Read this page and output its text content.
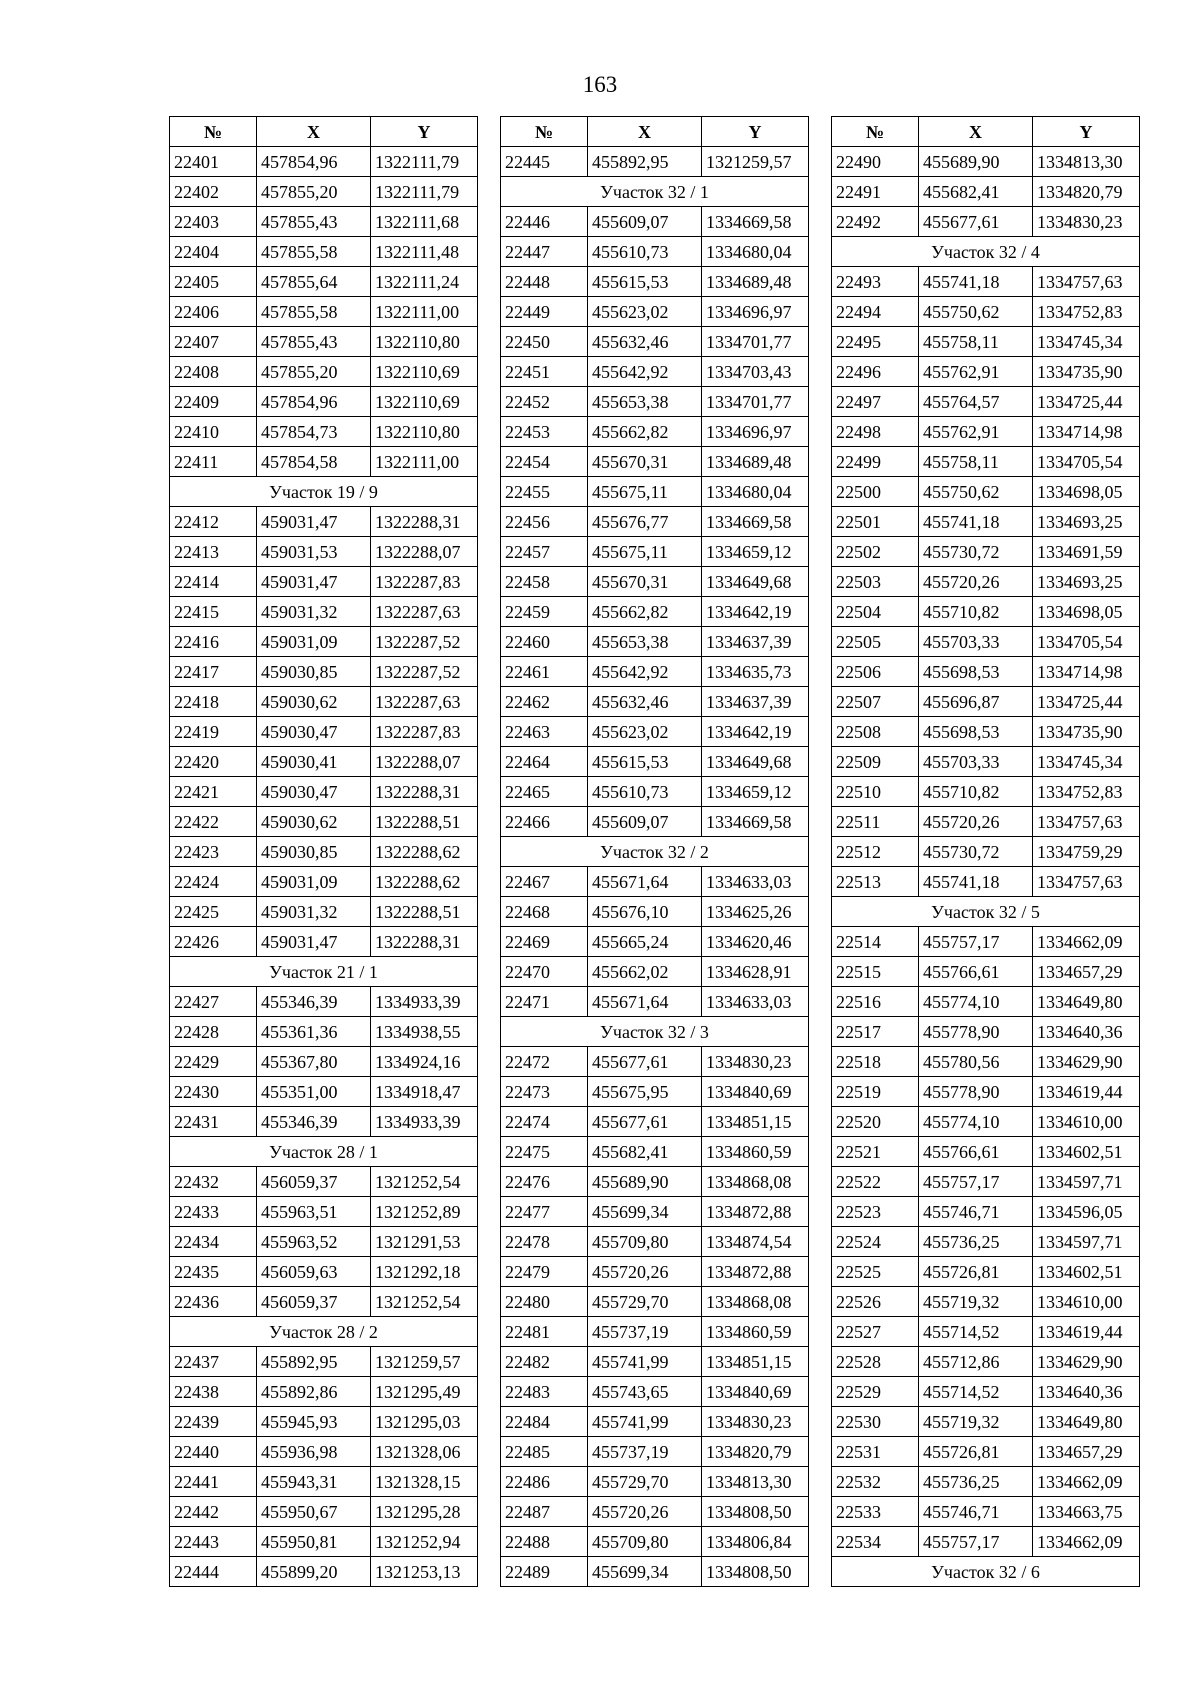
163
№	X	Y
22401	457854,96	1322111,79
22402	457855,20	1322111,79
22403	457855,43	1322111,68
22404	457855,58	1322111,48
22405	457855,64	1322111,24
22406	457855,58	1322111,00
22407	457855,43	1322110,80
22408	457855,20	1322110,69
22409	457854,96	1322110,69
22410	457854,73	1322110,80
22411	457854,58	1322111,00
Участок 19 / 9		
22412	459031,47	1322288,31
22413	459031,53	1322288,07
22414	459031,47	1322287,83
22415	459031,32	1322287,63
22416	459031,09	1322287,52
22417	459030,85	1322287,52
22418	459030,62	1322287,63
22419	459030,47	1322287,83
22420	459030,41	1322288,07
22421	459030,47	1322288,31
22422	459030,62	1322288,51
22423	459030,85	1322288,62
22424	459031,09	1322288,62
22425	459031,32	1322288,51
22426	459031,47	1322288,31
Участок 21 / 1		
22427	455346,39	1334933,39
22428	455361,36	1334938,55
22429	455367,80	1334924,16
22430	455351,00	1334918,47
22431	455346,39	1334933,39
Участок 28 / 1		
22432	456059,37	1321252,54
22433	455963,51	1321252,89
22434	455963,52	1321291,53
22435	456059,63	1321292,18
22436	456059,37	1321252,54
Участок 28 / 2		
22437	455892,95	1321259,57
22438	455892,86	1321295,49
22439	455945,93	1321295,03
22440	455936,98	1321328,06
22441	455943,31	1321328,15
22442	455950,67	1321295,28
22443	455950,81	1321252,94
22444	455899,20	1321253,13
№	X	Y
22445	455892,95	1321259,57
Участок 32 / 1		
22446	455609,07	1334669,58
22447	455610,73	1334680,04
22448	455615,53	1334689,48
22449	455623,02	1334696,97
22450	455632,46	1334701,77
22451	455642,92	1334703,43
22452	455653,38	1334701,77
22453	455662,82	1334696,97
22454	455670,31	1334689,48
22455	455675,11	1334680,04
22456	455676,77	1334669,58
22457	455675,11	1334659,12
22458	455670,31	1334649,68
22459	455662,82	1334642,19
22460	455653,38	1334637,39
22461	455642,92	1334635,73
22462	455632,46	1334637,39
22463	455623,02	1334642,19
22464	455615,53	1334649,68
22465	455610,73	1334659,12
22466	455609,07	1334669,58
Участок 32 / 2		
22467	455671,64	1334633,03
22468	455676,10	1334625,26
22469	455665,24	1334620,46
22470	455662,02	1334628,91
22471	455671,64	1334633,03
Участок 32 / 3		
22472	455677,61	1334830,23
22473	455675,95	1334840,69
22474	455677,61	1334851,15
22475	455682,41	1334860,59
22476	455689,90	1334868,08
22477	455699,34	1334872,88
22478	455709,80	1334874,54
22479	455720,26	1334872,88
22480	455729,70	1334868,08
22481	455737,19	1334860,59
22482	455741,99	1334851,15
22483	455743,65	1334840,69
22484	455741,99	1334830,23
22485	455737,19	1334820,79
22486	455729,70	1334813,30
22487	455720,26	1334808,50
22488	455709,80	1334806,84
22489	455699,34	1334808,50
№	X	Y
22490	455689,90	1334813,30
22491	455682,41	1334820,79
22492	455677,61	1334830,23
Участок 32 / 4		
22493	455741,18	1334757,63
22494	455750,62	1334752,83
22495	455758,11	1334745,34
22496	455762,91	1334735,90
22497	455764,57	1334725,44
22498	455762,91	1334714,98
22499	455758,11	1334705,54
22500	455750,62	1334698,05
22501	455741,18	1334693,25
22502	455730,72	1334691,59
22503	455720,26	1334693,25
22504	455710,82	1334698,05
22505	455703,33	1334705,54
22506	455698,53	1334714,98
22507	455696,87	1334725,44
22508	455698,53	1334735,90
22509	455703,33	1334745,34
22510	455710,82	1334752,83
22511	455720,26	1334757,63
22512	455730,72	1334759,29
22513	455741,18	1334757,63
Участок 32 / 5		
22514	455757,17	1334662,09
22515	455766,61	1334657,29
22516	455774,10	1334649,80
22517	455778,90	1334640,36
22518	455780,56	1334629,90
22519	455778,90	1334619,44
22520	455774,10	1334610,00
22521	455766,61	1334602,51
22522	455757,17	1334597,71
22523	455746,71	1334596,05
22524	455736,25	1334597,71
22525	455726,81	1334602,51
22526	455719,32	1334610,00
22527	455714,52	1334619,44
22528	455712,86	1334629,90
22529	455714,52	1334640,36
22530	455719,32	1334649,80
22531	455726,81	1334657,29
22532	455736,25	1334662,09
22533	455746,71	1334663,75
22534	455757,17	1334662,09
Участок 32 / 6		
